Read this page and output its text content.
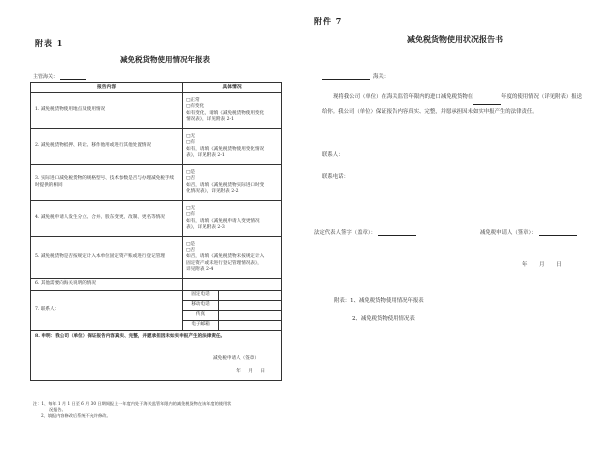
附表 1
减免税货物使用情况年报表
主管海关：
报告内容	具体情况	
1. 减免税货物使用地点及使用情况	□正常
□有变化
如有变化，请填《减免税货物使用变化
情况表》，详见附表 2-1	

2. 减免税货物抵押、转让、移作他用或进行其他处置情况	□无
□有
如有，请填《减免税货物使用变化情况
表》，详见附表 2-1	

3. 实际进口减免税货物的规格型号、技术参数是否与办理减免税手续时提供的相同	□是
□否
如否，请填《减免税货物实际进口时变
化情况表》，详见附表 2-2	

4. 减免税申请人发生分立、合并、股东变更、改制、更名等情况	□无
□有
如有，请填《减免税申请人变更情况
表》，详见附表 2-3	

5. 减免税货物是否按规定计入本单位固定资产账或进行登记管理	□是
□否
如否，请填《减免税货物未按规定计入
固定资产或未进行登记管理情况表》，
详见附表 2-4	

6. 其他需要向海关说明的情况		
7. 联系人：	固定电话	
	移动电话	
	传真	
	电子邮箱	

8. 申明：我公司（单位）保证报告内容真实、完整，并愿承担因未如实申报产生的法律责任。
减免税申请人（签章）
年 月 日		
注：1、每年 1 月 1 日至 6 月 30 日期间报上一年度内处于海关监管年限内的减免税货物在该年度的使用状
况报告。
2、填报内容修改后系统不允许修改。
附件 7
减免税货物使用状况报告书
海关：
现将我公司（单位）在海关监管年限内的进口减免税货物在	年度的使用情况（详见附表）报送给你。我公司（单位）保证报告内容真实、完整，并愿承担因未如实申报产生的法律责任。
联系人：
联系电话：
法定代表人签字（盖章）：	减免税申请人（签章）：
年 月 日
附表：1、减免税货物使用情况年报表
2、减免税货物使用情况表
